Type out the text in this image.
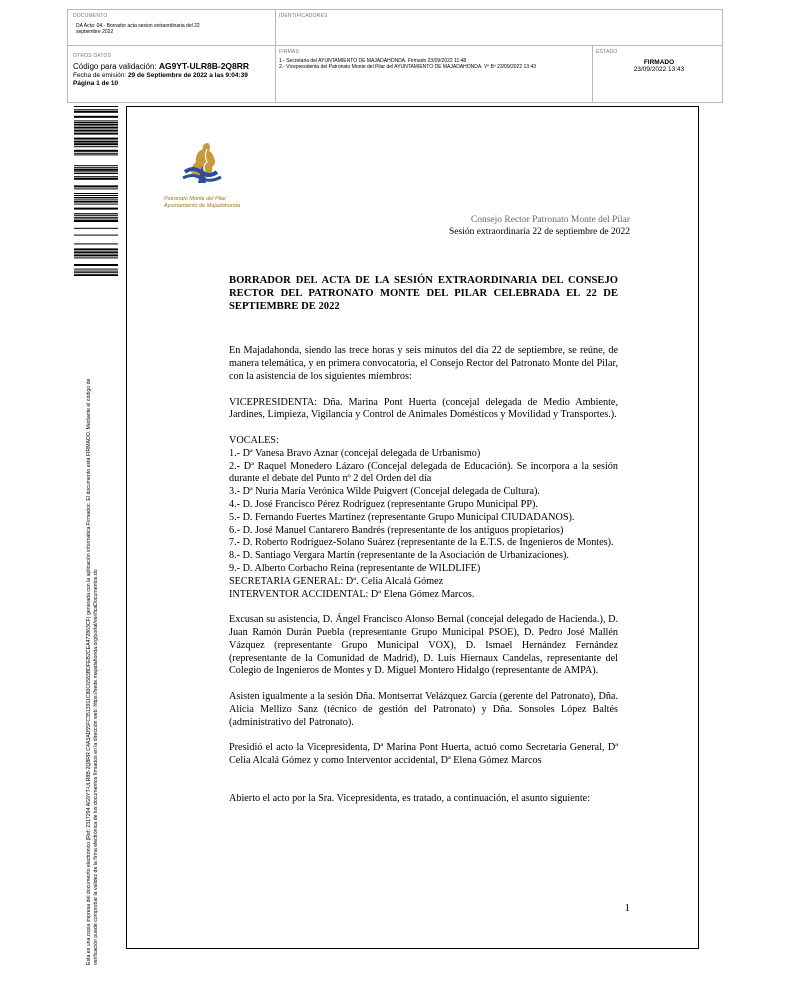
DOCUMENTO
DA Acta: 04.- Borrador acta sesion extraordinaria del 22
septiembre 2022
IDENTIFICADORES
OTROS DATOS
Código para validación: AG9YT-ULR8B-2Q8RR
Fecha de emisión: 29 de Septiembre de 2022 a las 9:04:39
Página 1 de 10
FIRMAS
1.- Secretaria del AYUNTAMIENTO DE MAJADAHONDA. Firmado 23/09/2022 11:48
2.- Vicepresidenta del Patronato Monte del Pilar del AYUNTAMIENTO DE MAJADAHONDA. Vº Bº 23/09/2022 13:43
ESTADO
FIRMADO
23/09/2022 13:43
Esta es una copia impresa del documento electrónico (Ref: 2317294 AG9YT-ULR8B-2Q8RR C4A3AD55FC3513911C80C6583BDFEB2CEA472863CF) generada con la aplicación informática Firmadoc. El documento está FIRMADO. Mediante el código de verificación puede comprobar la validez de la firma electrónica de los documentos firmados en la dirección web: https://sede.majadahonda.org/portal/verificaDocumentos.do
Patronato Monte del Pilar
Ayuntamiento de Majadahonda
Consejo Rector Patronato Monte del Pilar
Sesión extraordinaria 22 de septiembre de 2022

BORRADOR DEL ACTA DE LA SESIÓN EXTRAORDINARIA DEL CONSEJO RECTOR DEL PATRONATO MONTE DEL PILAR CELEBRADA EL 22 DE SEPTIEMBRE DE 2022

En Majadahonda, siendo las trece horas y seis minutos del día 22 de septiembre, se reúne, de manera telemática, y en primera convocatoria, el Consejo Rector del Patronato Monte del Pilar, con la asistencia de los siguientes miembros:

VICEPRESIDENTA: Dña. Marina Pont Huerta (concejal delegada de Medio Ambiente, Jardines, Limpieza, Vigilancia y Control de Animales Domésticos y Movilidad y Transportes.).

VOCALES:

1.- Dª Vanesa Bravo Aznar (concejal delegada de Urbanismo)

2.- Dª Raquel Monedero Lázaro (Concejal delegada de Educación). Se incorpora a la sesión durante el debate del Punto nº 2 del Orden del día

3.- Dª Nuria María Verónica Wilde Puigvert (Concejal delegada de Cultura).

4.- D. José Francisco Pérez Rodríguez (representante Grupo Municipal PP).

5.- D. Fernando Fuertes Martínez (representante Grupo Municipal CIUDADANOS).

6.- D. José Manuel Cantarero Bandrés (representante de los antiguos propietarios)

7.- D. Roberto Rodríguez-Solano Suárez (representante de la E.T.S. de Ingenieros de Montes).

8.- D. Santiago Vergara Martín (representante de la Asociación de Urbanizaciones).

9.- D. Alberto Corbacho Reina (representante de WILDLIFE)

SECRETARIA GENERAL: Dª. Celia Alcalá Gómez

INTERVENTOR ACCIDENTAL: Dª Elena Gómez Marcos.

Excusan su asistencia, D. Ángel Francisco Alonso Bernal (concejal delegado de Hacienda.), D. Juan Ramón Durán Puebla (representante Grupo Municipal PSOE), D. Pedro José Mallén Vázquez (representante Grupo Municipal VOX), D. Ismael Hernández Fernández (representante de la Comunidad de Madrid), D. Luis Hiernaux Candelas, representante del Colegio de Ingenieros de Montes y D. Miguel Montero Hidalgo (representante de AMPA).

Asisten igualmente a la sesión Dña. Montserrat Velázquez García (gerente del Patronato), Dña. Alicia Mellizo Sanz (técnico de gestión del Patronato) y Dña. Sonsoles López Baltés (administrativo del Patronato).

Presidió el acto la Vicepresidenta, Dª Marina Pont Huerta, actuó como Secretaria General, Dª Celia Alcalá Gómez y como Interventor accidental, Dª Elena Gómez Marcos

Abierto el acto por la Sra. Vicepresidenta, es tratado, a continuación, el asunto siguiente:

1
